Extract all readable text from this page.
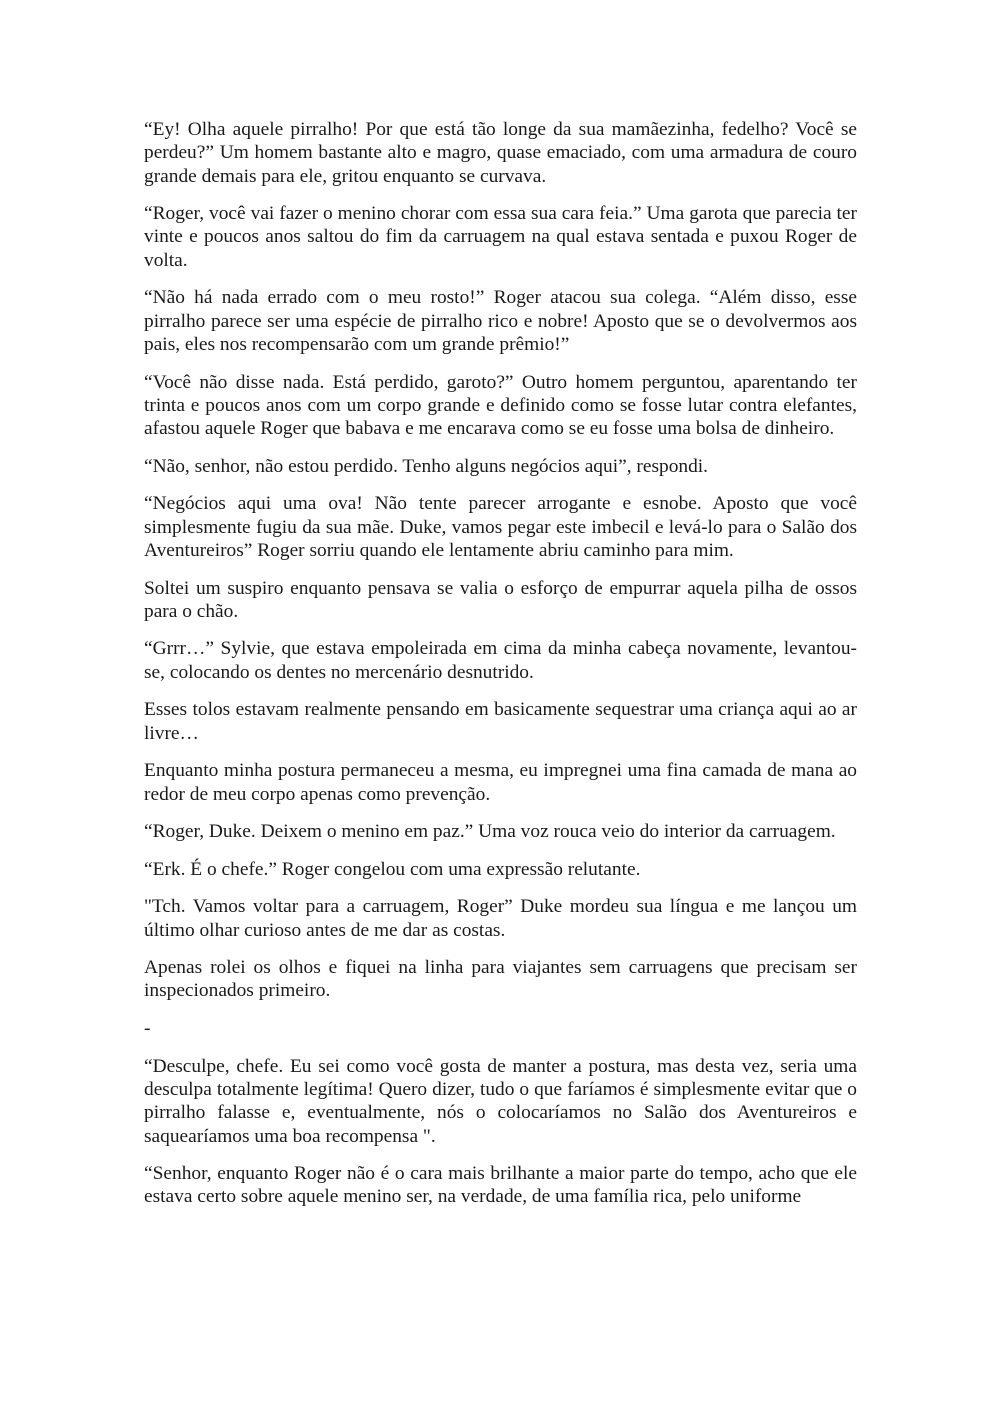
“Ey! Olha aquele pirralho! Por que está tão longe da sua mamãezinha, fedelho? Você se perdeu?” Um homem bastante alto e magro, quase emaciado, com uma armadura de couro grande demais para ele, gritou enquanto se curvava.

“Roger, você vai fazer o menino chorar com essa sua cara feia.” Uma garota que parecia ter vinte e poucos anos saltou do fim da carruagem na qual estava sentada e puxou Roger de volta.

“Não há nada errado com o meu rosto!” Roger atacou sua colega. “Além disso, esse pirralho parece ser uma espécie de pirralho rico e nobre! Aposto que se o devolvermos aos pais, eles nos recompensarão com um grande prêmio!”

“Você não disse nada. Está perdido, garoto?” Outro homem perguntou, aparentando ter trinta e poucos anos com um corpo grande e definido como se fosse lutar contra elefantes, afastou aquele Roger que babava e me encarava como se eu fosse uma bolsa de dinheiro.

“Não, senhor, não estou perdido. Tenho alguns negócios aqui”, respondi.

“Negócios aqui uma ova! Não tente parecer arrogante e esnobe. Aposto que você simplesmente fugiu da sua mãe. Duke, vamos pegar este imbecil e levá-lo para o Salão dos Aventureiros” Roger sorriu quando ele lentamente abriu caminho para mim.

Soltei um suspiro enquanto pensava se valia o esforço de empurrar aquela pilha de ossos para o chão.

“Grrr…” Sylvie, que estava empoleirada em cima da minha cabeça novamente, levantou-se, colocando os dentes no mercenário desnutrido.

Esses tolos estavam realmente pensando em basicamente sequestrar uma criança aqui ao ar livre…

Enquanto minha postura permaneceu a mesma, eu impregnei uma fina camada de mana ao redor de meu corpo apenas como prevenção.

“Roger, Duke. Deixem o menino em paz.” Uma voz rouca veio do interior da carruagem.

“Erk. É o chefe.” Roger congelou com uma expressão relutante.

"Tch. Vamos voltar para a carruagem, Roger” Duke mordeu sua língua e me lançou um último olhar curioso antes de me dar as costas.

Apenas rolei os olhos e fiquei na linha para viajantes sem carruagens que precisam ser inspecionados primeiro.

-

“Desculpe, chefe. Eu sei como você gosta de manter a postura, mas desta vez, seria uma desculpa totalmente legítima! Quero dizer, tudo o que faríamos é simplesmente evitar que o pirralho falasse e, eventualmente, nós o colocaríamos no Salão dos Aventureiros e saquearíamos uma boa recompensa ".

“Senhor, enquanto Roger não é o cara mais brilhante a maior parte do tempo, acho que ele estava certo sobre aquele menino ser, na verdade, de uma família rica, pelo uniforme
